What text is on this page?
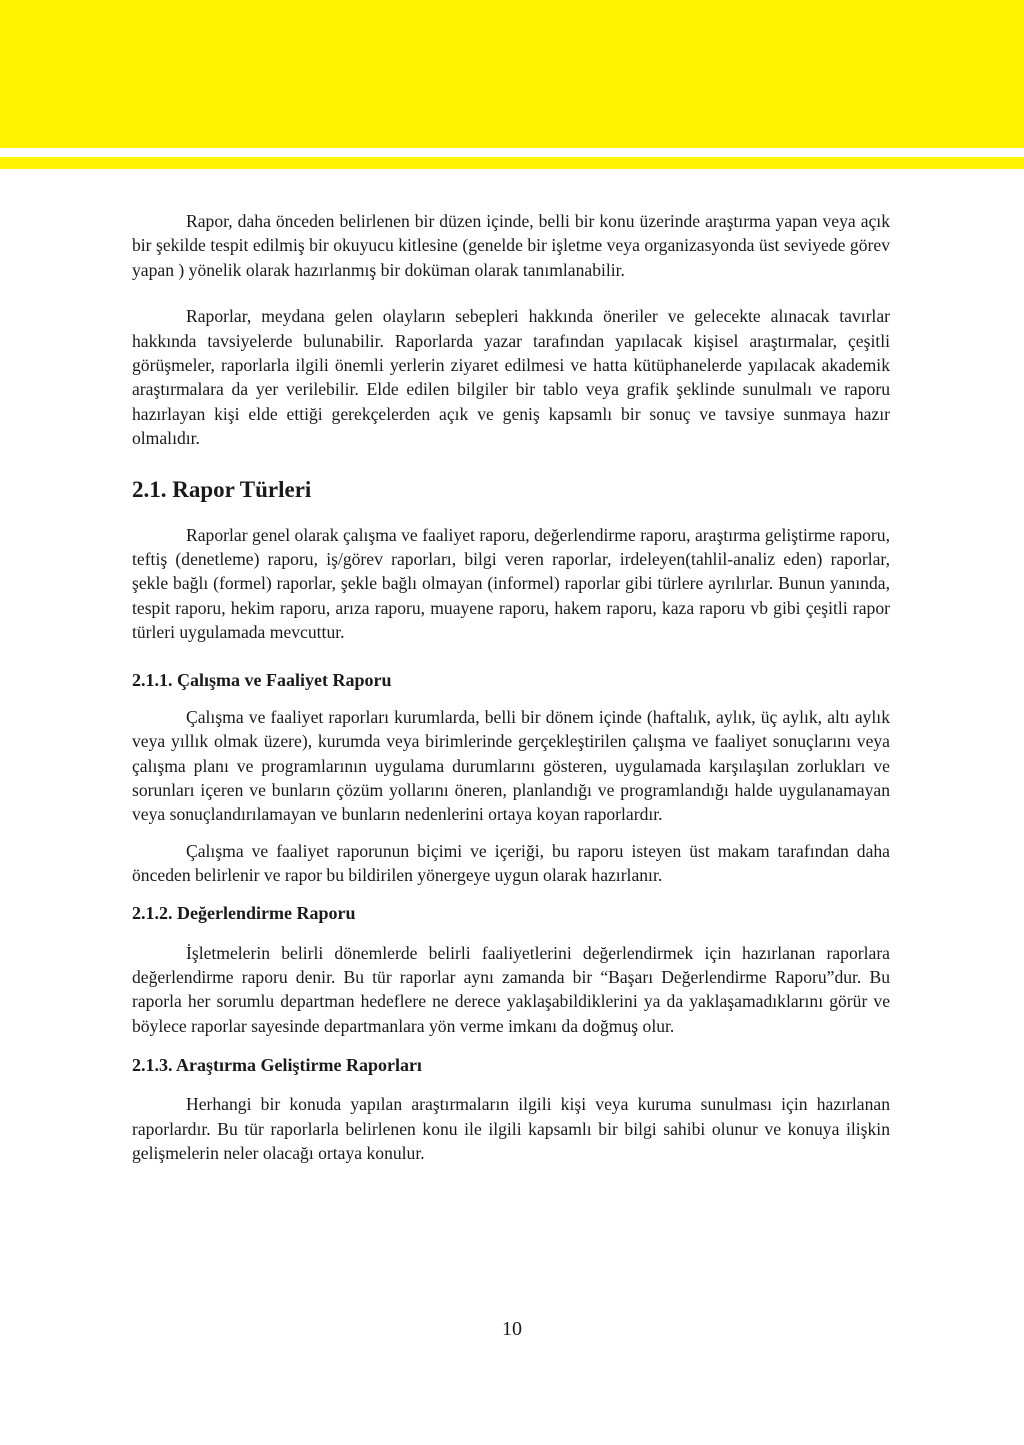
Rapor, daha önceden belirlenen bir düzen içinde, belli bir konu üzerinde araştırma yapan veya açık bir şekilde tespit edilmiş bir okuyucu kitlesine (genelde bir işletme veya organizasyonda üst seviyede görev yapan ) yönelik olarak hazırlanmış bir doküman olarak tanımlanabilir.

Raporlar, meydana gelen olayların sebepleri hakkında öneriler ve gelecekte alınacak tavırlar hakkında tavsiyelerde bulunabilir. Raporlarda yazar tarafından yapılacak kişisel araştırmalar, çeşitli görüşmeler, raporlarla ilgili önemli yerlerin ziyaret edilmesi ve hatta kütüphanelerde yapılacak akademik araştırmalara da yer verilebilir. Elde edilen bilgiler bir tablo veya grafik şeklinde sunulmalı ve raporu hazırlayan kişi elde ettiği gerekçelerden açık ve geniş kapsamlı bir sonuç ve tavsiye sunmaya hazır olmalıdır.

2.1. Rapor Türleri

Raporlar genel olarak çalışma ve faaliyet raporu, değerlendirme raporu, araştırma geliştirme raporu, teftiş (denetleme) raporu, iş/görev raporları, bilgi veren raporlar, irdeleyen(tahlil-analiz eden) raporlar, şekle bağlı (formel) raporlar, şekle bağlı olmayan (informel) raporlar gibi türlere ayrılırlar. Bunun yanında, tespit raporu, hekim raporu, arıza raporu, muayene raporu, hakem raporu, kaza raporu vb gibi çeşitli rapor türleri uygulamada mevcuttur.

2.1.1. Çalışma ve Faaliyet Raporu

Çalışma ve faaliyet raporları kurumlarda, belli bir dönem içinde (haftalık, aylık, üç aylık, altı aylık veya yıllık olmak üzere), kurumda veya birimlerinde gerçekleştirilen çalışma ve faaliyet sonuçlarını veya çalışma planı ve programlarının uygulama durumlarını gösteren, uygulamada karşılaşılan zorlukları ve sorunları içeren ve bunların çözüm yollarını öneren, planlandığı ve programlandığı halde uygulanamayan veya sonuçlandırılamayan ve bunların nedenlerini ortaya koyan raporlardır.

Çalışma ve faaliyet raporunun biçimi ve içeriği, bu raporu isteyen üst makam tarafından daha önceden belirlenir ve rapor bu bildirilen yönergeye uygun olarak hazırlanır.

2.1.2. Değerlendirme Raporu

İşletmelerin belirli dönemlerde belirli faaliyetlerini değerlendirmek için hazırlanan raporlara değerlendirme raporu denir. Bu tür raporlar aynı zamanda bir “Başarı Değerlendirme Raporu”dur. Bu raporla her sorumlu departman hedeflere ne derece yaklaşabildiklerini ya da yaklaşamadıklarını görür ve böylece raporlar sayesinde departmanlara yön verme imkanı da doğmuş olur.

2.1.3. Araştırma Geliştirme Raporları

Herhangi bir konuda yapılan araştırmaların ilgili kişi veya kuruma sunulması için hazırlanan raporlardır. Bu tür raporlarla belirlenen konu ile ilgili kapsamlı bir bilgi sahibi olunur ve konuya ilişkin gelişmelerin neler olacağı ortaya konulur.

10
